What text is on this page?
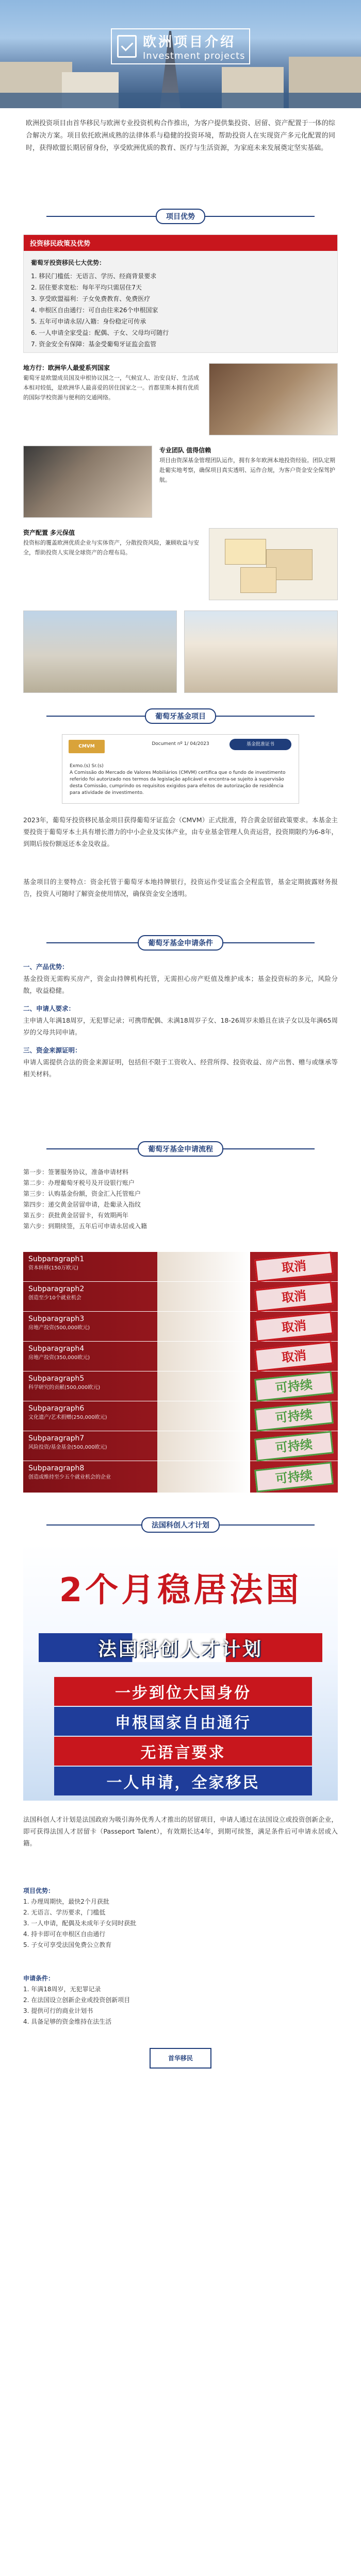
欧洲项目介绍
Investment projects
欧洲投资项目由首华移民与欧洲专业投资机构合作推出，为客户提供集投资、居留、资产配置于一体的综合解决方案。项目依托欧洲成熟的法律体系与稳健的投资环境，帮助投资人在实现资产多元化配置的同时，获得欧盟长期居留身份，享受欧洲优质的教育、医疗与生活资源，为家庭未来发展奠定坚实基础。
项目优势
投资移民政策及优势
葡萄牙投资移民七大优势：
1. 移民门槛低：无语言、学历、经商背景要求
2. 居住要求宽松：每年平均只需居住7天
3. 享受欧盟福利：子女免费教育、免费医疗
4. 申根区自由通行：可自由往来26个申根国家
5. 五年可申请永居/入籍：身份稳定可传承
6. 一人申请全家受益：配偶、子女、父母均可随行
7. 资金安全有保障：基金受葡萄牙证监会监管
地方行：欧洲华人最爱系列国家
葡萄牙是欧盟成员国及申根协议国之一，气候宜人、治安良好、生活成本相对较低，是欧洲华人最喜爱的居住国家之一。首都里斯本拥有优质的国际学校资源与便利的交通网络。
专业团队 值得信赖
项目由资深基金管理团队运作，拥有多年欧洲本地投资经验。团队定期赴葡实地考察，确保项目真实透明、运作合规，为客户资金安全保驾护航。
资产配置 多元保值
投资标的覆盖欧洲优质企业与实体资产，分散投资风险，兼顾收益与安全，帮助投资人实现全球资产的合理布局。
葡萄牙基金项目
CMVM	基金批准证书
Document nº 1/ 04/2023
Exmo.(s) Sr.(s)
A Comissão do Mercado de Valores Mobiliários (CMVM) certifica que o fundo de investimento referido foi autorizado nos termos da legislação aplicável e encontra-se sujeito à supervisão desta Comissão, cumprindo os requisitos exigidos para efeitos de autorização de residência para atividade de investimento.
2023年，葡萄牙投资移民基金项目获得葡萄牙证监会（CMVM）正式批准，符合黄金居留政策要求。本基金主要投资于葡萄牙本土具有增长潜力的中小企业及实体产业，由专业基金管理人负责运营，投资期限约为6-8年，到期后按份额返还本金及收益。
基金项目的主要特点：资金托管于葡萄牙本地持牌银行，投资运作受证监会全程监管，基金定期披露财务报告，投资人可随时了解资金使用情况，确保资金安全透明。
葡萄牙基金申请条件
一、产品优势：
基金投资无需购买房产，资金由持牌机构托管，无需担心房产贬值及维护成本；基金投资标的多元，风险分散，收益稳健。
二、申请人要求：
主申请人年满18周岁，无犯罪记录；可携带配偶、未满18周岁子女、18-26周岁未婚且在读子女以及年满65周岁的父母共同申请。
三、资金来源证明：
申请人需提供合法的资金来源证明，包括但不限于工资收入、经营所得、投资收益、房产出售、赠与或继承等相关材料。
葡萄牙基金申请流程
第一步：签署服务协议，准备申请材料
第二步：办理葡萄牙税号及开设银行账户
第三步：认购基金份额，资金汇入托管账户
第四步：递交黄金居留申请，赴葡录入指纹
第五步：获批黄金居留卡，有效期两年
第六步：到期续签，五年后可申请永居或入籍
Subparagraph1
资本转移(150万欧元)	取消
Subparagraph2
创造至少10个就业机会	取消
Subparagraph3
房地产投资(500,000欧元)	取消
Subparagraph4
房地产投资(350,000欧元)	取消
Subparagraph5
科学研究的贡献(500,000欧元)	可持续
Subparagraph6
文化遗产/艺术捐赠(250,000欧元)	可持续
Subparagraph7
风险投资/基金基金(500,000欧元)	可持续
Subparagraph8
创造或维持至少五个就业机会的企业	可持续
法国科创人才计划
2个月稳居法国
法国科创人才计划
一步到位大国身份
申根国家自由通行
无语言要求
一人申请，全家移民
法国科创人才计划是法国政府为吸引海外优秀人才推出的居留项目，申请人通过在法国设立或投资创新企业，即可获得法国人才居留卡（Passeport Talent），有效期长达4年，到期可续签，满足条件后可申请永居或入籍。
项目优势：
1. 办理周期快，最快2个月获批
2. 无语言、学历要求，门槛低
3. 一人申请，配偶及未成年子女同时获批
4. 持卡即可在申根区自由通行
5. 子女可享受法国免费公立教育
申请条件：
1. 年满18周岁，无犯罪记录
2. 在法国设立创新企业或投资创新项目
3. 提供可行的商业计划书
4. 具备足够的资金维持在法生活
首华移民
